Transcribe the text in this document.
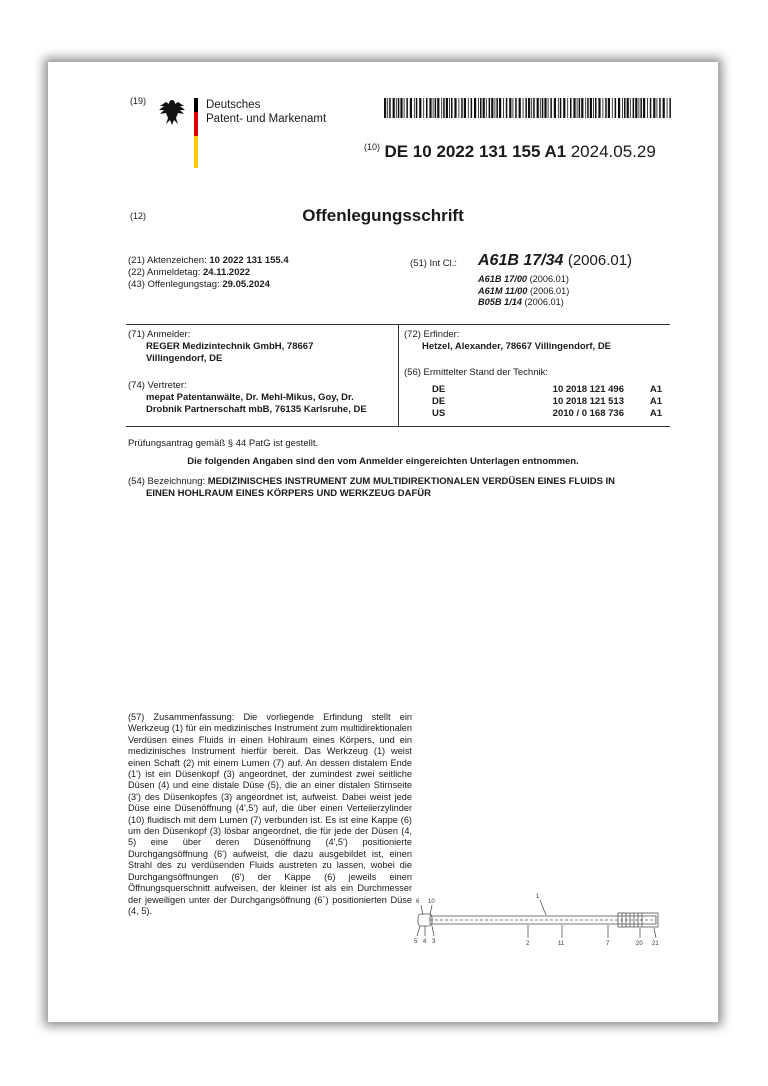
(19)	Deutsches
Patent- und Markenamt
$^{(10)}$ DE 10 2022 131 155 A1 2024.05.29
(12)	Offenlegungsschrift
(21) Aktenzeichen: 10 2022 131 155.4
(22) Anmeldetag: 24.11.2022
(43) Offenlegungstag: 29.05.2024
(51) Int Cl.: A61B 17/34 (2006.01)
A61B 17/00 (2006.01)
A61M 11/00 (2006.01)
B05B 1/14 (2006.01)
(71) Anmelder:
REGER Medizintechnik GmbH, 78667
Villingendorf, DE
(74) Vertreter:
mepat Patentanwälte, Dr. Mehl-Mikus, Goy, Dr.
Drobnik Partnerschaft mbB, 76135 Karlsruhe, DE
(72) Erfinder:
Hetzel, Alexander, 78667 Villingendorf, DE
(56) Ermittelter Stand der Technik:
DE	10 2018 121 496	A1
DE	10 2018 121 513	A1
US	2010 / 0 168 736	A1
Prüfungsantrag gemäß § 44 PatG ist gestellt.
Die folgenden Angaben sind den vom Anmelder eingereichten Unterlagen entnommen.
(54) Bezeichnung: MEDIZINISCHES INSTRUMENT ZUM MULTIDIREKTIONALEN VERDÜSEN EINES FLUIDS IN
EINEN HOHLRAUM EINES KÖRPERS UND WERKZEUG DAFÜR
(57) Zusammenfassung: Die vorliegende Erfindung stellt ein Werkzeug (1) für ein medizinisches Instrument zum multidirektionalen Verdüsen eines Fluids in einen Hohlraum eines Körpers, und ein medizinisches Instrument hierfür bereit. Das Werkzeug (1) weist einen Schaft (2) mit einem Lumen (7) auf. An dessen distalem Ende (1') ist ein Düsenkopf (3) angeordnet, der zumindest zwei seitliche Düsen (4) und eine distale Düse (5), die an einer distalen Stirnseite (3') des Düsenkopfes (3) angeordnet ist, aufweist. Dabei weist jede Düse eine Düsenöffnung (4',5') auf, die über einen Verteilerzylinder (10) fluidisch mit dem Lumen (7) verbunden ist. Es ist eine Kappe (6) um den Düsenkopf (3) lösbar angeordnet, die für jede der Düsen (4, 5) eine über deren Düsenöffnung (4',5') positionierte Durchgangsöffnung (6') aufweist, die dazu ausgebildet ist, einen Strahl des zu verdüsenden Fluids austreten zu lassen, wobei die Durchgangsöffnungen (6') der Kappe (6) jeweils einen Öffnungsquerschnitt aufweisen, der kleiner ist als ein Durchmesser der jeweiligen unter der Durchgangsöffnung (6`) positionierten Düse (4, 5).
6 10
1
5 4 3	2	11	7	20 21
